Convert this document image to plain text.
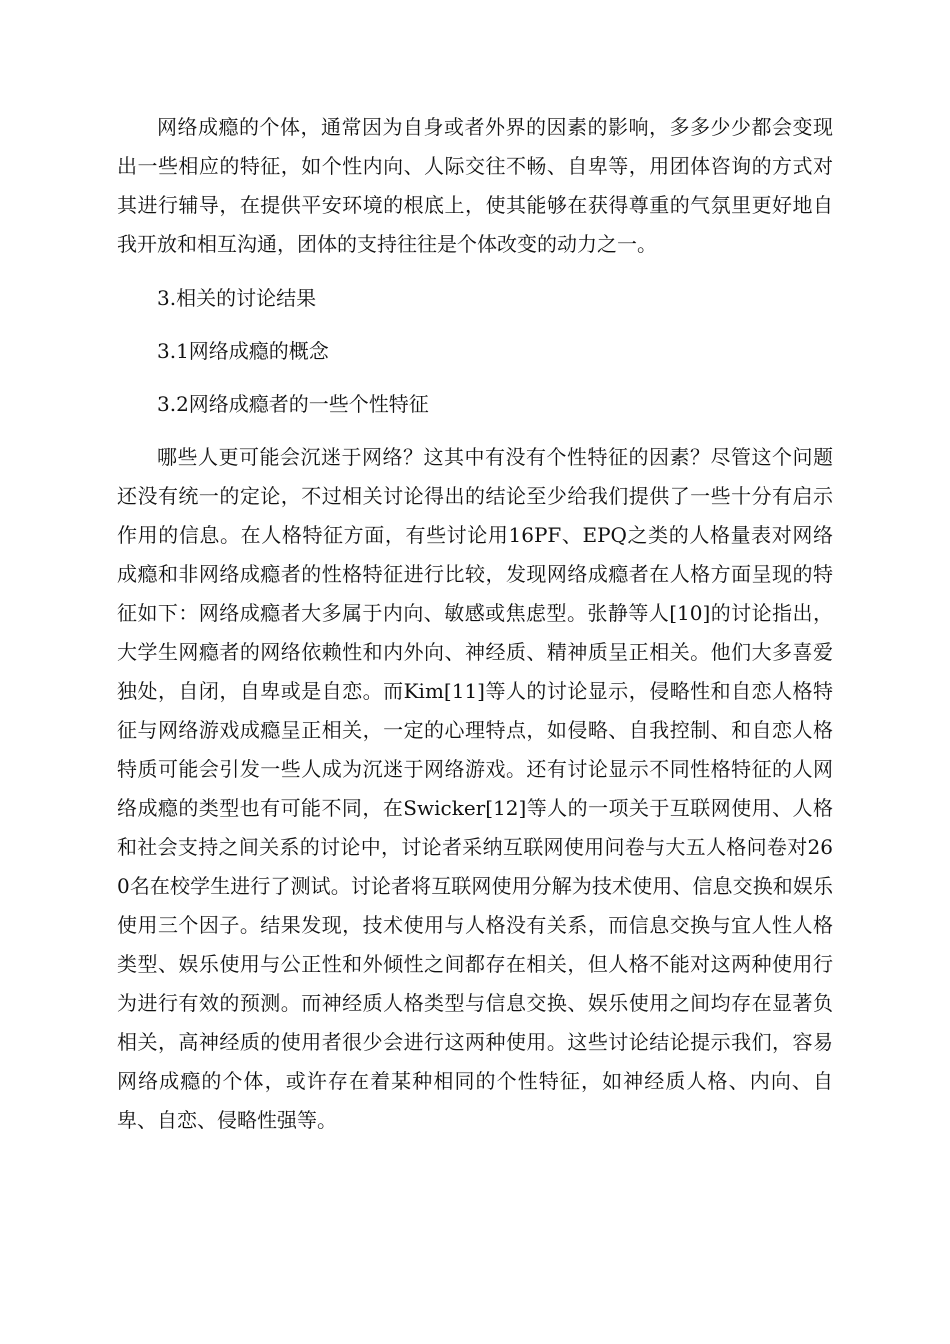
网络成瘾的个体，通常因为自身或者外界的因素的影响，多多少少都会变现出一些相应的特征，如个性内向、人际交往不畅、自卑等，用团体咨询的方式对其进行辅导，在提供平安环境的根底上，使其能够在获得尊重的气氛里更好地自我开放和相互沟通，团体的支持往往是个体改变的动力之一。

3.相关的讨论结果

3.1网络成瘾的概念

3.2网络成瘾者的一些个性特征

哪些人更可能会沉迷于网络？这其中有没有个性特征的因素？尽管这个问题还没有统一的定论，不过相关讨论得出的结论至少给我们提供了一些十分有启示作用的信息。在人格特征方面，有些讨论用16PF、EPQ之类的人格量表对网络成瘾和非网络成瘾者的性格特征进行比较，发现网络成瘾者在人格方面呈现的特征如下：网络成瘾者大多属于内向、敏感或焦虑型。张静等人[10]的讨论指出，大学生网瘾者的网络依赖性和内外向、神经质、精神质呈正相关。他们大多喜爱独处，自闭，自卑或是自恋。而Kim[11]等人的讨论显示，侵略性和自恋人格特征与网络游戏成瘾呈正相关，一定的心理特点，如侵略、自我控制、和自恋人格特质可能会引发一些人成为沉迷于网络游戏。还有讨论显示不同性格特征的人网络成瘾的类型也有可能不同，在Swicker[12]等人的一项关于互联网使用、人格和社会支持之间关系的讨论中，讨论者采纳互联网使用问卷与大五人格问卷对260名在校学生进行了测试。讨论者将互联网使用分解为技术使用、信息交换和娱乐使用三个因子。结果发现，技术使用与人格没有关系，而信息交换与宜人性人格类型、娱乐使用与公正性和外倾性之间都存在相关，但人格不能对这两种使用行为进行有效的预测。而神经质人格类型与信息交换、娱乐使用之间均存在显著负相关，高神经质的使用者很少会进行这两种使用。这些讨论结论提示我们，容易网络成瘾的个体，或许存在着某种相同的个性特征，如神经质人格、内向、自卑、自恋、侵略性强等。
